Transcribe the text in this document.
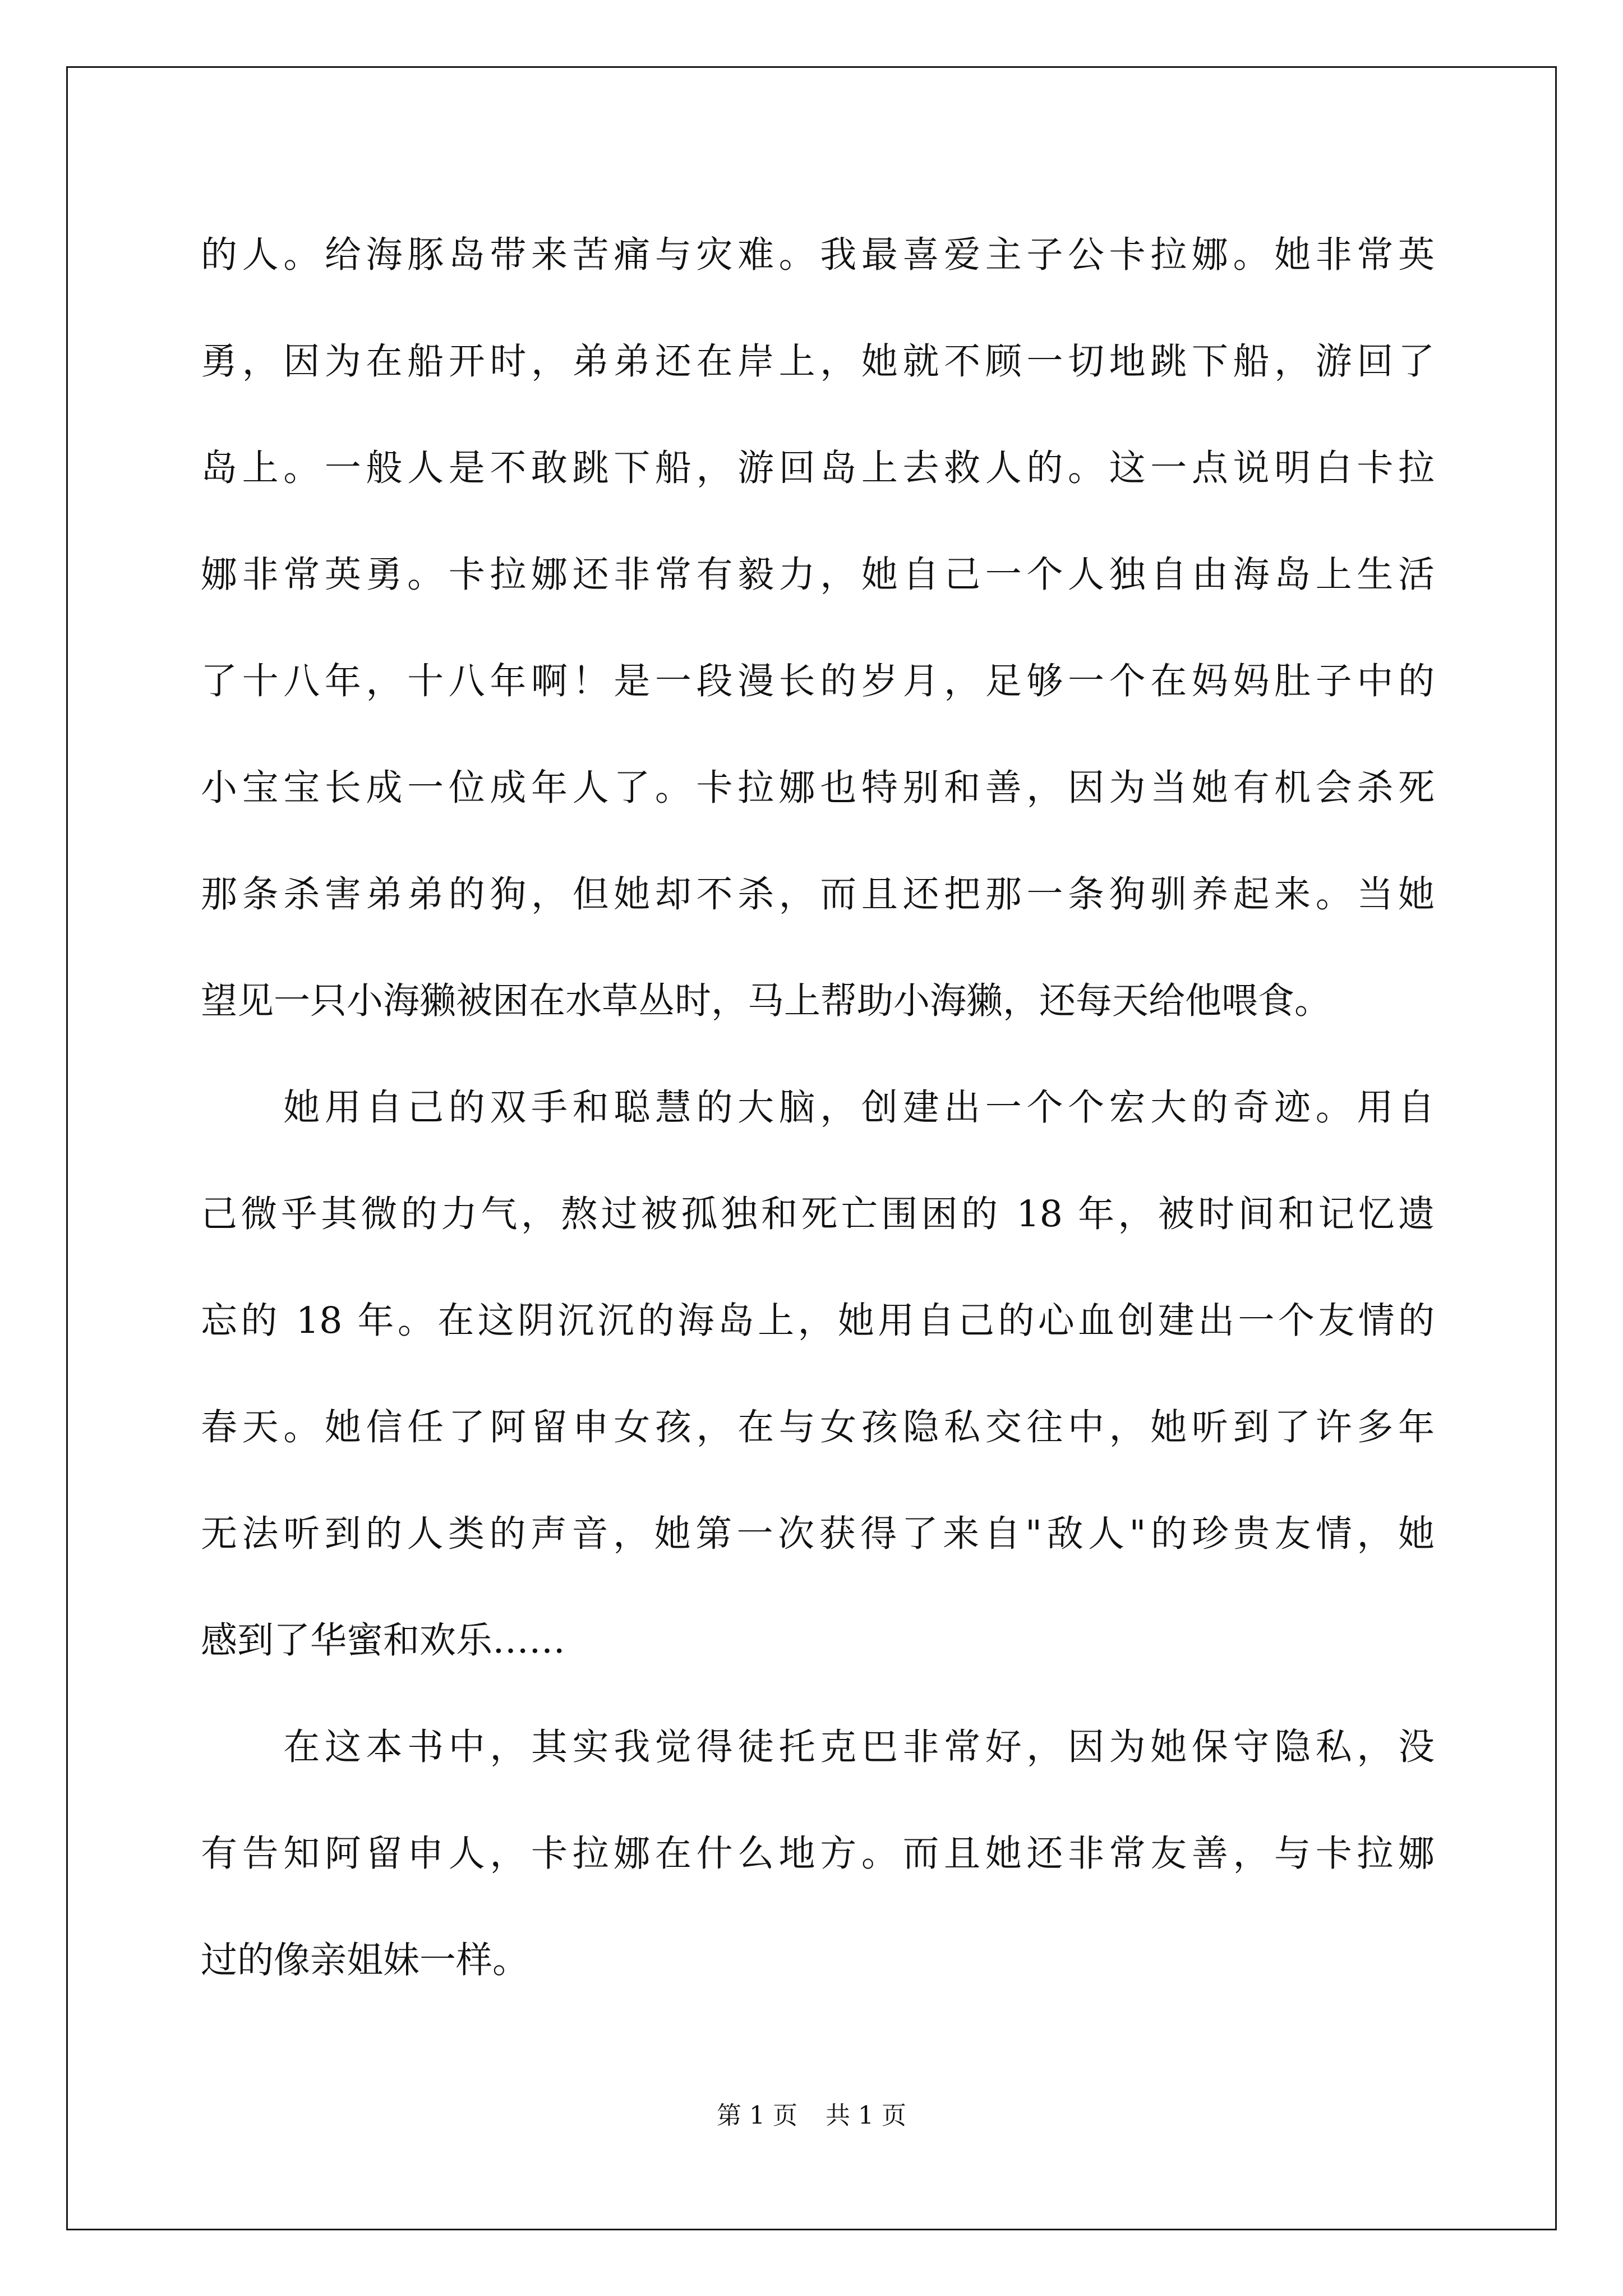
的人。给海豚岛带来苦痛与灾难。我最喜爱主子公卡拉娜。她非常英
勇，因为在船开时，弟弟还在岸上，她就不顾一切地跳下船，游回了
岛上。一般人是不敢跳下船，游回岛上去救人的。这一点说明白卡拉
娜非常英勇。卡拉娜还非常有毅力，她自己一个人独自由海岛上生活
了十八年，十八年啊！是一段漫长的岁月，足够一个在妈妈肚子中的
小宝宝长成一位成年人了。卡拉娜也特别和善，因为当她有机会杀死
那条杀害弟弟的狗，但她却不杀，而且还把那一条狗驯养起来。当她
望见一只小海獭被困在水草丛时，马上帮助小海獭，还每天给他喂食。
　　她用自己的双手和聪慧的大脑，创建出一个个宏大的奇迹。用自
己微乎其微的力气，熬过被孤独和死亡围困的 18 年，被时间和记忆遗
忘的 18 年。在这阴沉沉的海岛上，她用自己的心血创建出一个友情的
春天。她信任了阿留申女孩，在与女孩隐私交往中，她听到了许多年
无法听到的人类的声音，她第一次获得了来自"敌人"的珍贵友情，她
感到了华蜜和欢乐……
　　在这本书中，其实我觉得徒托克巴非常好，因为她保守隐私，没
有告知阿留申人，卡拉娜在什么地方。而且她还非常友善，与卡拉娜
过的像亲姐妹一样。
第 1 页 共 1 页
